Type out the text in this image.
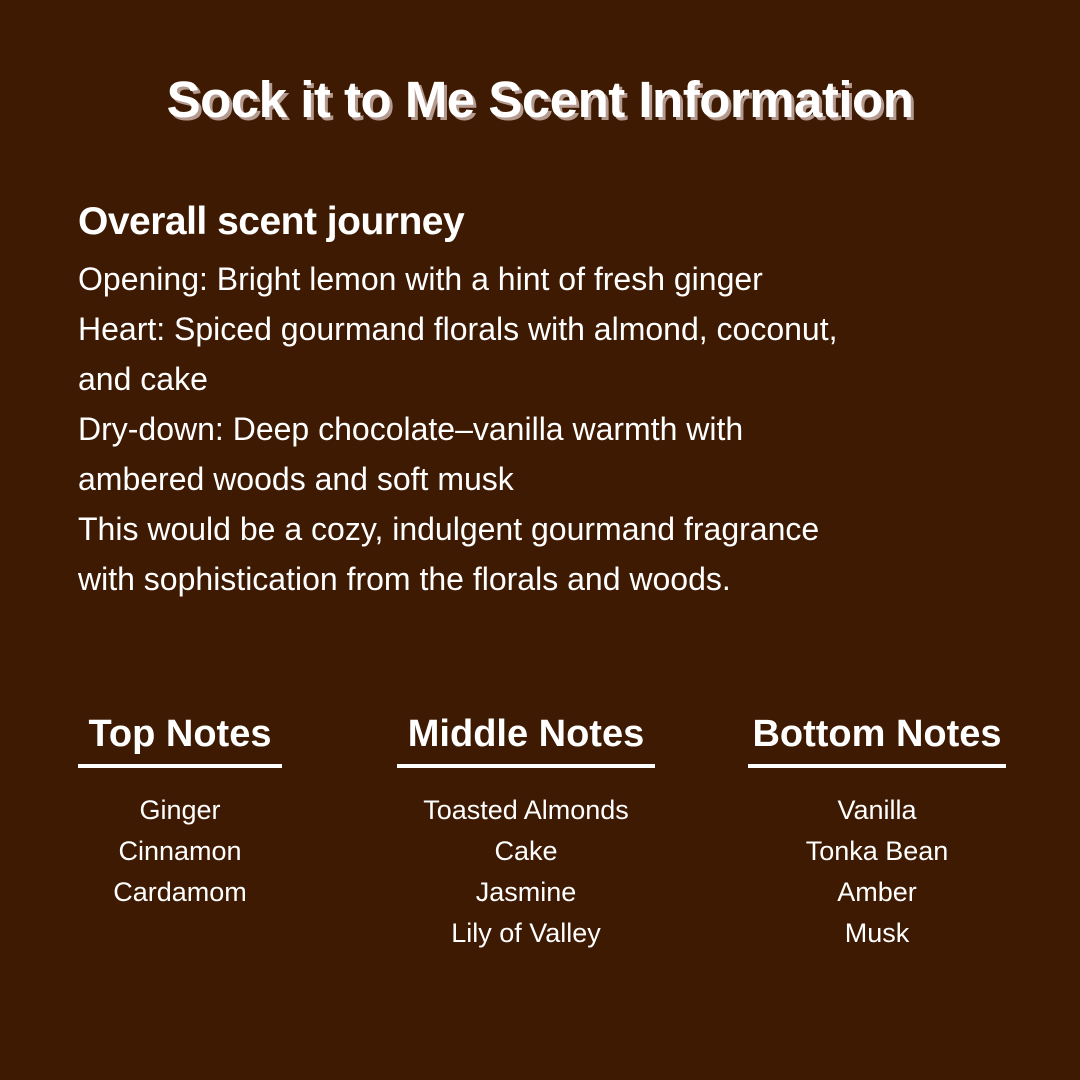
Sock it to Me Scent Information
Overall scent journey

Opening: Bright lemon with a hint of fresh ginger

Heart: Spiced gourmand florals with almond, coconut,

and cake

Dry-down: Deep chocolate–vanilla warmth with

ambered woods and soft musk

This would be a cozy, indulgent gourmand fragrance

with sophistication from the florals and woods.

Top Notes
Ginger
Cinnamon
Cardamom
Middle Notes
Toasted Almonds
Cake
Jasmine
Lily of Valley
Bottom Notes
Vanilla
Tonka Bean
Amber
Musk
